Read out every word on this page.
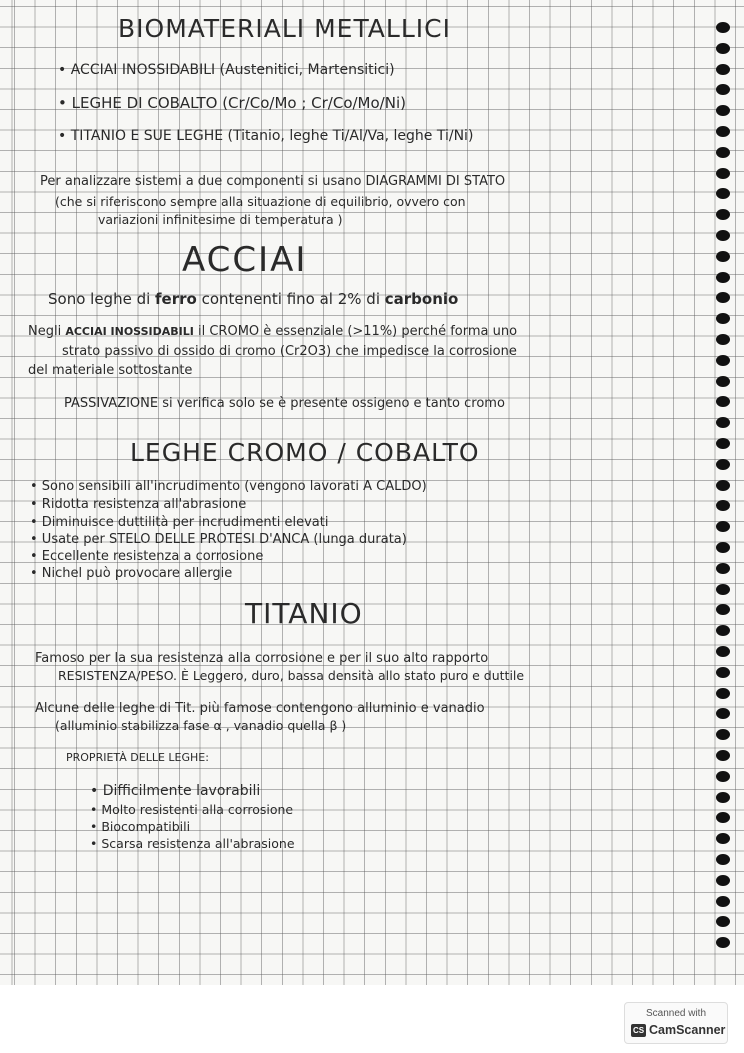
BIOMATERIALI METALLICI
• ACCIAI INOSSIDABILI (Austenitici, Martensitici)
• LEGHE DI COBALTO (Cr/Co/Mo ; Cr/Co/Mo/Ni)
• TITANIO E SUE LEGHE (Titanio, leghe Ti/Al/Va, leghe Ti/Ni)
Per analizzare sistemi a due componenti si usano DIAGRAMMI DI STATO
(che si riferiscono sempre alla situazione di equilibrio, ovvero con
variazioni infinitesime di temperatura )
ACCIAI
Sono leghe di ferro contenenti fino al 2% di carbonio
Negli ACCIAI INOSSIDABILI il CROMO è essenziale (>11%) perché forma uno
strato passivo di ossido di cromo (Cr2O3) che impedisce la corrosione
del materiale sottostante
PASSIVAZIONE si verifica solo se è presente ossigeno e tanto cromo
LEGHE CROMO / COBALTO
• Sono sensibili all'incrudimento (vengono lavorati A CALDO)
• Ridotta resistenza all'abrasione
• Diminuisce duttilità per incrudimenti elevati
• Usate per STELO DELLE PROTESI D'ANCA (lunga durata)
• Eccellente resistenza a corrosione
• Nichel può provocare allergie
TITANIO
Famoso per la sua resistenza alla corrosione e per il suo alto rapporto
RESISTENZA/PESO. È Leggero, duro, bassa densità allo stato puro e duttile
Alcune delle leghe di Tit. più famose contengono alluminio e vanadio
(alluminio stabilizza fase α , vanadio quella β )
PROPRIETÀ DELLE LEGHE:
• Difficilmente lavorabili
• Molto resistenti alla corrosione
• Biocompatibili
• Scarsa resistenza all'abrasione
Scanned with
CS CamScanner
